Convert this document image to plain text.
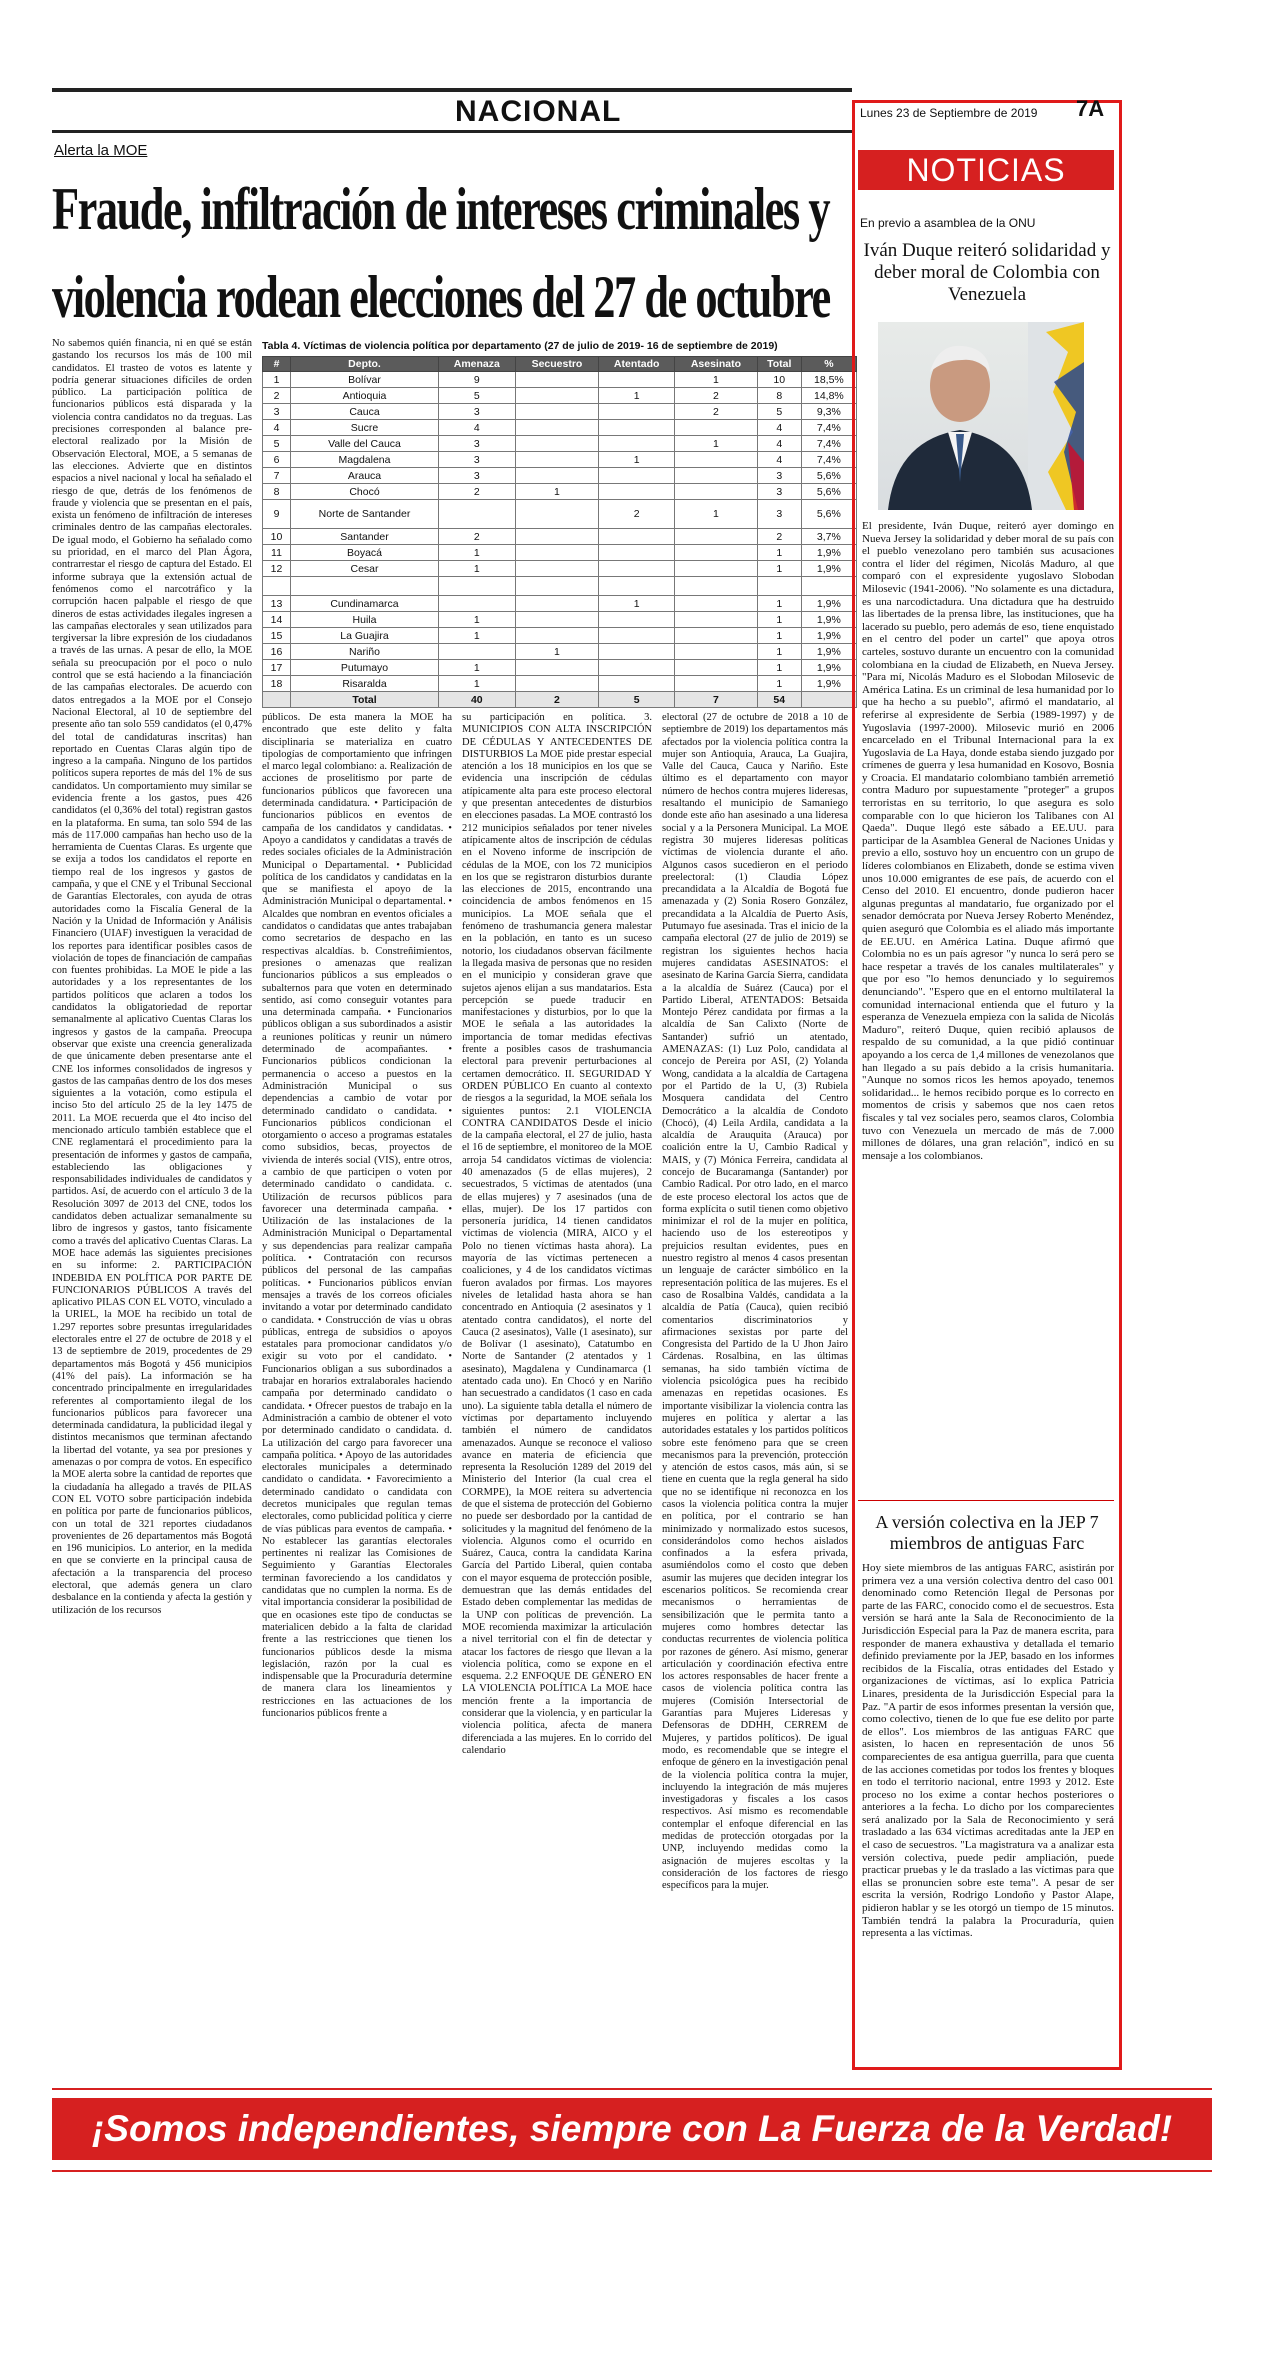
NACIONAL
Alerta la MOE
Fraude, infiltración de intereses criminales y
violencia rodean elecciones del 27 de octubre

No sabemos quién financia, ni en qué se están gastando los recursos los más de 100 mil candidatos. El trasteo de votos es latente y podría generar situaciones difíciles de orden público. La participación política de funcionarios públicos está disparada y la violencia contra candidatos no da treguas. Las precisiones corresponden al balance pre-electoral realizado por la Misión de Observación Electoral, MOE, a 5 semanas de las elecciones. Advierte que en distintos espacios a nivel nacional y local ha señalado el riesgo de que, detrás de los fenómenos de fraude y violencia que se presentan en el país, exista un fenómeno de infiltración de intereses criminales dentro de las campañas electorales. De igual modo, el Gobierno ha señalado como su prioridad, en el marco del Plan Ágora, contrarrestar el riesgo de captura del Estado. El informe subraya que la extensión actual de fenómenos como el narcotráfico y la corrupción hacen palpable el riesgo de que dineros de estas actividades ilegales ingresen a las campañas electorales y sean utilizados para tergiversar la libre expresión de los ciudadanos a través de las urnas. A pesar de ello, la MOE señala su preocupación por el poco o nulo control que se está haciendo a la financiación de las campañas electorales. De acuerdo con datos entregados a la MOE por el Consejo Nacional Electoral, al 10 de septiembre del presente año tan solo 559 candidatos (el 0,47% del total de candidaturas inscritas) han reportado en Cuentas Claras algún tipo de ingreso a la campaña. Ninguno de los partidos políticos supera reportes de más del 1% de sus candidatos. Un comportamiento muy similar se evidencia frente a los gastos, pues 426 candidatos (el 0,36% del total) registran gastos en la plataforma. En suma, tan solo 594 de las más de 117.000 campañas han hecho uso de la herramienta de Cuentas Claras. Es urgente que se exija a todos los candidatos el reporte en tiempo real de los ingresos y gastos de campaña, y que el CNE y el Tribunal Seccional de Garantías Electorales, con ayuda de otras autoridades como la Fiscalía General de la Nación y la Unidad de Información y Análisis Financiero (UIAF) investiguen la veracidad de los reportes para identificar posibles casos de violación de topes de financiación de campañas con fuentes prohibidas. La MOE le pide a las autoridades y a los representantes de los partidos políticos que aclaren a todos los candidatos la obligatoriedad de reportar semanalmente al aplicativo Cuentas Claras los ingresos y gastos de la campaña. Preocupa observar que existe una creencia generalizada de que únicamente deben presentarse ante el CNE los informes consolidados de ingresos y gastos de las campañas dentro de los dos meses siguientes a la votación, como estipula el inciso 5to del artículo 25 de la ley 1475 de 2011. La MOE recuerda que el 4to inciso del mencionado artículo también establece que el CNE reglamentará el procedimiento para la presentación de informes y gastos de campaña, estableciendo las obligaciones y responsabilidades individuales de candidatos y partidos. Así, de acuerdo con el artículo 3 de la Resolución 3097 de 2013 del CNE, todos los candidatos deben actualizar semanalmente su libro de ingresos y gastos, tanto físicamente como a través del aplicativo Cuentas Claras. La MOE hace además las siguientes precisiones en su informe: 2. PARTICIPACIÓN INDEBIDA EN POLÍTICA POR PARTE DE FUNCIONARIOS PÚBLICOS A través del aplicativo PILAS CON EL VOTO, vinculado a la URIEL, la MOE ha recibido un total de 1.297 reportes sobre presuntas irregularidades electorales entre el 27 de octubre de 2018 y el 13 de septiembre de 2019, procedentes de 29 departamentos más Bogotá y 456 municipios (41% del país). La información se ha concentrado principalmente en irregularidades referentes al comportamiento ilegal de los funcionarios públicos para favorecer una determinada candidatura, la publicidad ilegal y distintos mecanismos que terminan afectando la libertad del votante, ya sea por presiones y amenazas o por compra de votos. En específico la MOE alerta sobre la cantidad de reportes que la ciudadanía ha allegado a través de PILAS CON EL VOTO sobre participación indebida en política por parte de funcionarios públicos, con un total de 321 reportes ciudadanos provenientes de 26 departamentos más Bogotá en 196 municipios. Lo anterior, en la medida en que se convierte en la principal causa de afectación a la transparencia del proceso electoral, que además genera un claro desbalance en la contienda y afecta la gestión y utilización de los recursos

Tabla 4. Víctimas de violencia política por departamento (27 de julio de 2019- 16 de septiembre de 2019)
#	Depto.	Amenaza	Secuestro	Atentado	Asesinato	Total	%
1	Bolívar	9			1	10	18,5%
2	Antioquia	5		1	2	8	14,8%
3	Cauca	3			2	5	9,3%
4	Sucre	4				4	7,4%
5	Valle del Cauca	3			1	4	7,4%
6	Magdalena	3		1		4	7,4%
7	Arauca	3				3	5,6%
8	Chocó	2	1			3	5,6%
9	Norte de Santander			2	1	3	5,6%
10	Santander	2				2	3,7%
11	Boyacá	1				1	1,9%
12	Cesar	1				1	1,9%

13	Cundinamarca			1		1	1,9%
14	Huila	1				1	1,9%
15	La Guajira	1				1	1,9%
16	Nariño		1			1	1,9%
17	Putumayo	1				1	1,9%
18	Risaralda	1				1	1,9%
	Total	40	2	5	7	54	

públicos. De esta manera la MOE ha encontrado que este delito y falta disciplinaria se materializa en cuatro tipologías de comportamiento que infringen el marco legal colombiano: a. Realización de acciones de proselitismo por parte de funcionarios públicos que favorecen una determinada candidatura. • Participación de funcionarios públicos en eventos de campaña de los candidatos y candidatas. • Apoyo a candidatos y candidatas a través de redes sociales oficiales de la Administración Municipal o Departamental. • Publicidad política de los candidatos y candidatas en la que se manifiesta el apoyo de la Administración Municipal o departamental. • Alcaldes que nombran en eventos oficiales a candidatos o candidatas que antes trabajaban como secretarios de despacho en las respectivas alcaldías. b. Constreñimientos, presiones o amenazas que realizan funcionarios públicos a sus empleados o subalternos para que voten en determinado sentido, así como conseguir votantes para una determinada campaña. • Funcionarios públicos obligan a sus subordinados a asistir a reuniones políticas y reunir un número determinado de acompañantes. • Funcionarios públicos condicionan la permanencia o acceso a puestos en la Administración Municipal o sus dependencias a cambio de votar por determinado candidato o candidata. • Funcionarios públicos condicionan el otorgamiento o acceso a programas estatales como subsidios, becas, proyectos de vivienda de interés social (VIS), entre otros, a cambio de que participen o voten por determinado candidato o candidata. c. Utilización de recursos públicos para favorecer una determinada campaña. • Utilización de las instalaciones de la Administración Municipal o Departamental y sus dependencias para realizar campaña política. • Contratación con recursos públicos del personal de las campañas políticas. • Funcionarios públicos envían mensajes a través de los correos oficiales invitando a votar por determinado candidato o candidata. • Construcción de vías u obras públicas, entrega de subsidios o apoyos estatales para promocionar candidatos y/o exigir su voto por el candidato. • Funcionarios obligan a sus subordinados a trabajar en horarios extralaborales haciendo campaña por determinado candidato o candidata. • Ofrecer puestos de trabajo en la Administración a cambio de obtener el voto por determinado candidato o candidata. d. La utilización del cargo para favorecer una campaña política. • Apoyo de las autoridades electorales municipales a determinado candidato o candidata. • Favorecimiento a determinado candidato o candidata con decretos municipales que regulan temas electorales, como publicidad política y cierre de vías públicas para eventos de campaña. • No establecer las garantías electorales pertinentes ni realizar las Comisiones de Seguimiento y Garantías Electorales terminan favoreciendo a los candidatos y candidatas que no cumplen la norma. Es de vital importancia considerar la posibilidad de que en ocasiones este tipo de conductas se materialicen debido a la falta de claridad frente a las restricciones que tienen los funcionarios públicos desde la misma legislación, razón por la cual es indispensable que la Procuraduría determine de manera clara los lineamientos y restricciones en las actuaciones de los funcionarios públicos frente a

su participación en política. 3. MUNICIPIOS CON ALTA INSCRIPCIÓN DE CÉDULAS Y ANTECEDENTES DE DISTURBIOS La MOE pide prestar especial atención a los 18 municipios en los que se evidencia una inscripción de cédulas atípicamente alta para este proceso electoral y que presentan antecedentes de disturbios en elecciones pasadas. La MOE contrastó los 212 municipios señalados por tener niveles atípicamente altos de inscripción de cédulas en el Noveno informe de inscripción de cédulas de la MOE, con los 72 municipios en los que se registraron disturbios durante las elecciones de 2015, encontrando una coincidencia de ambos fenómenos en 15 municipios. La MOE señala que el fenómeno de trashumancia genera malestar en la población, en tanto es un suceso notorio, los ciudadanos observan fácilmente la llegada masiva de personas que no residen en el municipio y consideran grave que sujetos ajenos elijan a sus mandatarios. Esta percepción se puede traducir en manifestaciones y disturbios, por lo que la MOE le señala a las autoridades la importancia de tomar medidas efectivas frente a posibles casos de trashumancia electoral para prevenir perturbaciones al certamen democrático. II. SEGURIDAD Y ORDEN PÚBLICO En cuanto al contexto de riesgos a la seguridad, la MOE señala los siguientes puntos: 2.1 VIOLENCIA CONTRA CANDIDATOS Desde el inicio de la campaña electoral, el 27 de julio, hasta el 16 de septiembre, el monitoreo de la MOE arroja 54 candidatos víctimas de violencia: 40 amenazados (5 de ellas mujeres), 2 secuestrados, 5 víctimas de atentados (una de ellas mujeres) y 7 asesinados (una de ellas, mujer). De los 17 partidos con personería jurídica, 14 tienen candidatos víctimas de violencia (MIRA, AICO y el Polo no tienen víctimas hasta ahora). La mayoría de las víctimas pertenecen a coaliciones, y 4 de los candidatos víctimas fueron avalados por firmas. Los mayores niveles de letalidad hasta ahora se han concentrado en Antioquia (2 asesinatos y 1 atentado contra candidatos), el norte del Cauca (2 asesinatos), Valle (1 asesinato), sur de Bolívar (1 asesinato), Catatumbo en Norte de Santander (2 atentados y 1 asesinato), Magdalena y Cundinamarca (1 atentado cada uno). En Chocó y en Nariño han secuestrado a candidatos (1 caso en cada uno). La siguiente tabla detalla el número de víctimas por departamento incluyendo también el número de candidatos amenazados. Aunque se reconoce el valioso avance en materia de eficiencia que representa la Resolución 1289 del 2019 del Ministerio del Interior (la cual crea el CORMPE), la MOE reitera su advertencia de que el sistema de protección del Gobierno no puede ser desbordado por la cantidad de solicitudes y la magnitud del fenómeno de la violencia. Algunos como el ocurrido en Suárez, Cauca, contra la candidata Karina García del Partido Liberal, quien contaba con el mayor esquema de protección posible, demuestran que las demás entidades del Estado deben complementar las medidas de la UNP con políticas de prevención. La MOE recomienda maximizar la articulación a nivel territorial con el fin de detectar y atacar los factores de riesgo que llevan a la violencia política, como se expone en el esquema. 2.2 ENFOQUE DE GÉNERO EN LA VIOLENCIA POLÍTICA La MOE hace mención frente a la importancia de considerar que la violencia, y en particular la violencia política, afecta de manera diferenciada a las mujeres. En lo corrido del calendario

electoral (27 de octubre de 2018 a 10 de septiembre de 2019) los departamentos más afectados por la violencia política contra la mujer son Antioquia, Arauca, La Guajira, Valle del Cauca, Cauca y Nariño. Este último es el departamento con mayor número de hechos contra mujeres lideresas, resaltando el municipio de Samaniego donde este año han asesinado a una lideresa social y a la Personera Municipal. La MOE registra 30 mujeres lideresas políticas víctimas de violencia durante el año. Algunos casos sucedieron en el periodo preelectoral: (1) Claudia López precandidata a la Alcaldía de Bogotá fue amenazada y (2) Sonia Rosero González, precandidata a la Alcaldía de Puerto Asís, Putumayo fue asesinada. Tras el inicio de la campaña electoral (27 de julio de 2019) se registran los siguientes hechos hacia mujeres candidatas ASESINATOS: el asesinato de Karina García Sierra, candidata a la alcaldía de Suárez (Cauca) por el Partido Liberal, ATENTADOS: Betsaida Montejo Pérez candidata por firmas a la alcaldía de San Calixto (Norte de Santander) sufrió un atentado, AMENAZAS: (1) Luz Polo, candidata al concejo de Pereira por ASI, (2) Yolanda Wong, candidata a la alcaldía de Cartagena por el Partido de la U, (3) Rubiela Mosquera candidata del Centro Democrático a la alcaldía de Condoto (Chocó), (4) Leila Ardila, candidata a la alcaldía de Arauquita (Arauca) por coalición entre la U, Cambio Radical y MAIS, y (7) Mónica Ferreira, candidata al concejo de Bucaramanga (Santander) por Cambio Radical. Por otro lado, en el marco de este proceso electoral los actos que de forma explícita o sutil tienen como objetivo minimizar el rol de la mujer en política, haciendo uso de los estereotipos y prejuicios resultan evidentes, pues en nuestro registro al menos 4 casos presentan un lenguaje de carácter simbólico en la representación política de las mujeres. Es el caso de Rosalbina Valdés, candidata a la alcaldía de Patía (Cauca), quien recibió comentarios discriminatorios y afirmaciones sexistas por parte del Congresista del Partido de la U Jhon Jairo Cárdenas. Rosalbina, en las últimas semanas, ha sido también víctima de violencia psicológica pues ha recibido amenazas en repetidas ocasiones. Es importante visibilizar la violencia contra las mujeres en política y alertar a las autoridades estatales y los partidos políticos sobre este fenómeno para que se creen mecanismos para la prevención, protección y atención de estos casos, más aún, si se tiene en cuenta que la regla general ha sido que no se identifique ni reconozca en los casos la violencia política contra la mujer en política, por el contrario se han minimizado y normalizado estos sucesos, considerándolos como hechos aislados confinados a la esfera privada, asumiéndolos como el costo que deben asumir las mujeres que deciden integrar los escenarios políticos. Se recomienda crear mecanismos o herramientas de sensibilización que le permita tanto a mujeres como hombres detectar las conductas recurrentes de violencia política por razones de género. Así mismo, generar articulación y coordinación efectiva entre los actores responsables de hacer frente a casos de violencia política contra las mujeres (Comisión Intersectorial de Garantías para Mujeres Lideresas y Defensoras de DDHH, CERREM de Mujeres, y partidos políticos). De igual modo, es recomendable que se integre el enfoque de género en la investigación penal de la violencia política contra la mujer, incluyendo la integración de más mujeres investigadoras y fiscales a los casos respectivos. Así mismo es recomendable contemplar el enfoque diferencial en las medidas de protección otorgadas por la UNP, incluyendo medidas como la asignación de mujeres escoltas y la consideración de los factores de riesgo específicos para la mujer.

Lunes 23 de Septiembre de 2019 7A
NOTICIAS
En previo a asamblea de la ONU
Iván Duque reiteró solidaridad y deber moral de Colombia con Venezuela

El presidente, Iván Duque, reiteró ayer domingo en Nueva Jersey la solidaridad y deber moral de su país con el pueblo venezolano pero también sus acusaciones contra el líder del régimen, Nicolás Maduro, al que comparó con el expresidente yugoslavo Slobodan Milosevic (1941-2006). "No solamente es una dictadura, es una narcodictadura. Una dictadura que ha destruido las libertades de la prensa libre, las instituciones, que ha lacerado su pueblo, pero además de eso, tiene enquistado en el centro del poder un cartel" que apoya otros carteles, sostuvo durante un encuentro con la comunidad colombiana en la ciudad de Elizabeth, en Nueva Jersey. "Para mí, Nicolás Maduro es el Slobodan Milosevic de América Latina. Es un criminal de lesa humanidad por lo que ha hecho a su pueblo", afirmó el mandatario, al referirse al expresidente de Serbia (1989-1997) y de Yugoslavia (1997-2000). Milosevic murió en 2006 encarcelado en el Tribunal Internacional para la ex Yugoslavia de La Haya, donde estaba siendo juzgado por crímenes de guerra y lesa humanidad en Kosovo, Bosnia y Croacia. El mandatario colombiano también arremetió contra Maduro por supuestamente "proteger" a grupos terroristas en su territorio, lo que asegura es solo comparable con lo que hicieron los Talibanes con Al Qaeda". Duque llegó este sábado a EE.UU. para participar de la Asamblea General de Naciones Unidas y previo a ello, sostuvo hoy un encuentro con un grupo de líderes colombianos en Elizabeth, donde se estima viven unos 10.000 emigrantes de ese país, de acuerdo con el Censo del 2010. El encuentro, donde pudieron hacer algunas preguntas al mandatario, fue organizado por el senador demócrata por Nueva Jersey Roberto Menéndez, quien aseguró que Colombia es el aliado más importante de EE.UU. en América Latina. Duque afirmó que Colombia no es un país agresor "y nunca lo será pero se hace respetar a través de los canales multilaterales" y que por eso "lo hemos denunciado y lo seguiremos denunciando". "Espero que en el entorno multilateral la comunidad internacional entienda que el futuro y la esperanza de Venezuela empieza con la salida de Nicolás Maduro", reiteró Duque, quien recibió aplausos de respaldo de su comunidad, a la que pidió continuar apoyando a los cerca de 1,4 millones de venezolanos que han llegado a su país debido a la crisis humanitaria. "Aunque no somos ricos les hemos apoyado, tenemos solidaridad... le hemos recibido porque es lo correcto en momentos de crisis y sabemos que nos caen retos fiscales y tal vez sociales pero, seamos claros, Colombia tuvo con Venezuela un mercado de más de 7.000 millones de dólares, una gran relación", indicó en su mensaje a los colombianos.

A versión colectiva en la JEP 7 miembros de antiguas Farc

Hoy siete miembros de las antiguas FARC, asistirán por primera vez a una versión colectiva dentro del caso 001 denominado como Retención Ilegal de Personas por parte de las FARC, conocido como el de secuestros. Esta versión se hará ante la Sala de Reconocimiento de la Jurisdicción Especial para la Paz de manera escrita, para responder de manera exhaustiva y detallada el temario definido previamente por la JEP, basado en los informes recibidos de la Fiscalía, otras entidades del Estado y organizaciones de víctimas, así lo explica Patricia Linares, presidenta de la Jurisdicción Especial para la Paz. "A partir de esos informes presentan la versión que, como colectivo, tienen de lo que fue ese delito por parte de ellos". Los miembros de las antiguas FARC que asisten, lo hacen en representación de unos 56 comparecientes de esa antigua guerrilla, para que cuenta de las acciones cometidas por todos los frentes y bloques en todo el territorio nacional, entre 1993 y 2012. Este proceso no los exime a contar hechos posteriores o anteriores a la fecha. Lo dicho por los comparecientes será analizado por la Sala de Reconocimiento y será trasladado a las 634 víctimas acreditadas ante la JEP en el caso de secuestros. "La magistratura va a analizar esta versión colectiva, puede pedir ampliación, puede practicar pruebas y le da traslado a las víctimas para que ellas se pronuncien sobre este tema". A pesar de ser escrita la versión, Rodrigo Londoño y Pastor Alape, pidieron hablar y se les otorgó un tiempo de 15 minutos. También tendrá la palabra la Procuraduría, quien representa a las víctimas.

¡Somos independientes, siempre con La Fuerza de la Verdad!
